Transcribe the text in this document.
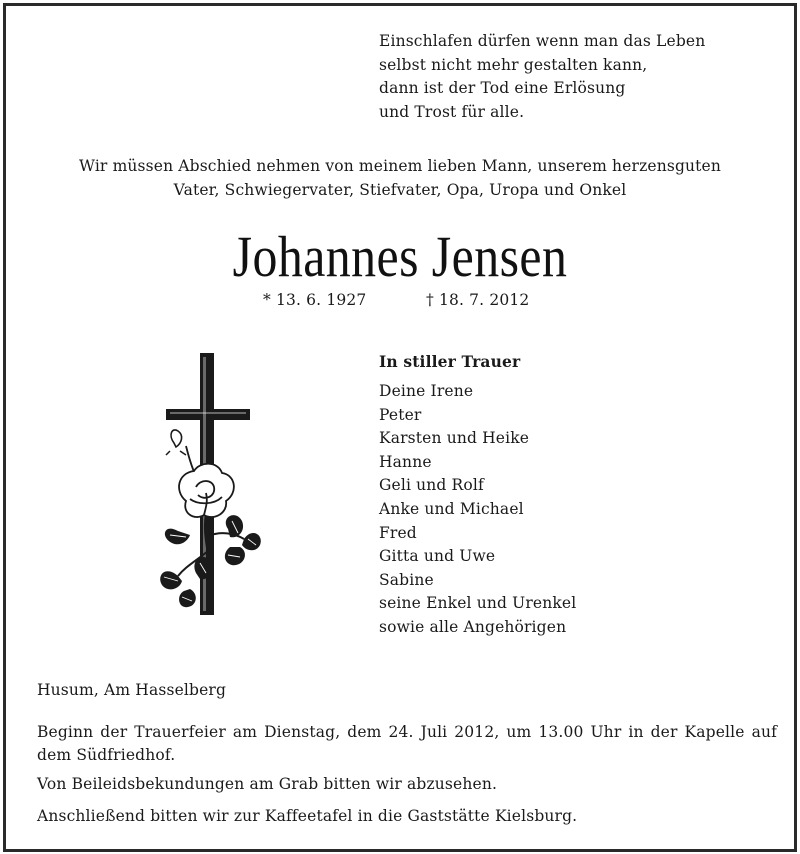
Einschlafen dürfen wenn man das Leben
selbst nicht mehr gestalten kann,
dann ist der Tod eine Erlösung
und Trost für alle.
Wir müssen Abschied nehmen von meinem lieben Mann, unserem herzensguten
Vater, Schwiegervater, Stiefvater, Opa, Uropa und Onkel
Johannes Jensen
* 13. 6. 1927	† 18. 7. 2012
In stiller Trauer
Deine Irene
Peter
Karsten und Heike
Hanne
Geli und Rolf
Anke und Michael
Fred
Gitta und Uwe
Sabine
seine Enkel und Urenkel
sowie alle Angehörigen
Husum, Am Hasselberg
Beginn der Trauerfeier am Dienstag, dem 24. Juli 2012, um 13.00 Uhr in der Kapelle auf dem Südfriedhof.
Von Beileidsbekundungen am Grab bitten wir abzusehen.
Anschließend bitten wir zur Kaffeetafel in die Gaststätte Kielsburg.
